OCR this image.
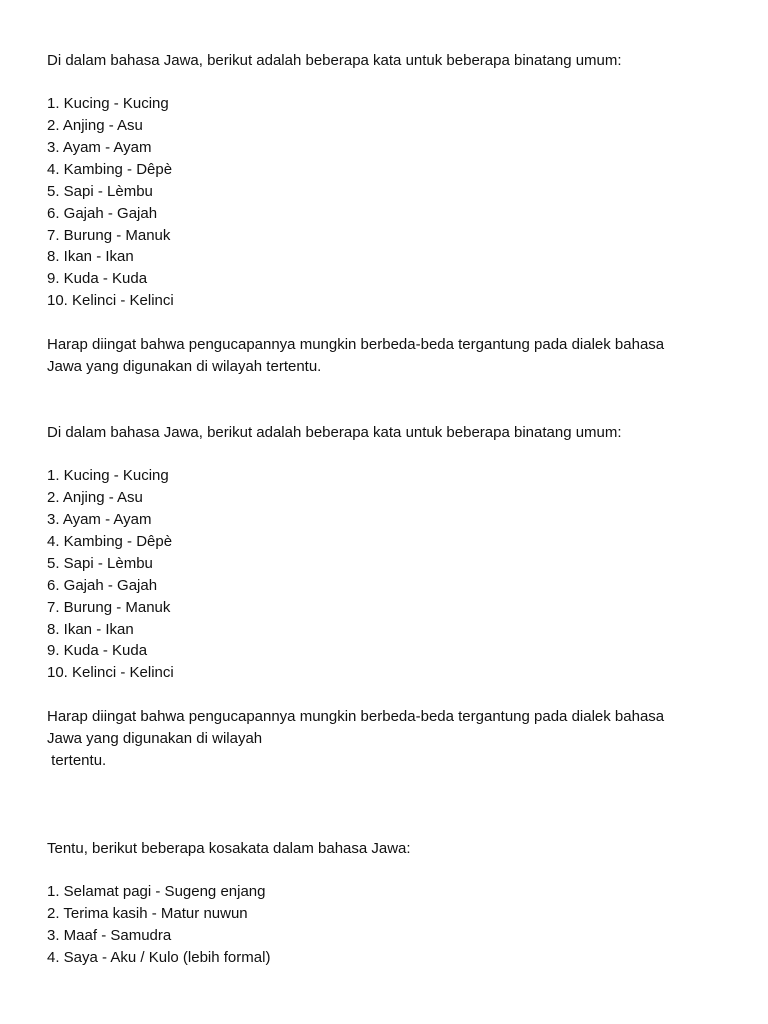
Di dalam bahasa Jawa, berikut adalah beberapa kata untuk beberapa binatang umum:
1. Kucing - Kucing
2. Anjing - Asu
3. Ayam - Ayam
4. Kambing - Dêpè
5. Sapi - Lèmbu
6. Gajah - Gajah
7. Burung - Manuk
8. Ikan - Ikan
9. Kuda - Kuda
10. Kelinci - Kelinci
Harap diingat bahwa pengucapannya mungkin berbeda-beda tergantung pada dialek bahasa
Jawa yang digunakan di wilayah tertentu.
Di dalam bahasa Jawa, berikut adalah beberapa kata untuk beberapa binatang umum:
1. Kucing - Kucing
2. Anjing - Asu
3. Ayam - Ayam
4. Kambing - Dêpè
5. Sapi - Lèmbu
6. Gajah - Gajah
7. Burung - Manuk
8. Ikan - Ikan
9. Kuda - Kuda
10. Kelinci - Kelinci
Harap diingat bahwa pengucapannya mungkin berbeda-beda tergantung pada dialek bahasa
Jawa yang digunakan di wilayah
tertentu.
Tentu, berikut beberapa kosakata dalam bahasa Jawa:
1. Selamat pagi - Sugeng enjang
2. Terima kasih - Matur nuwun
3. Maaf - Samudra
4. Saya - Aku / Kulo (lebih formal)
